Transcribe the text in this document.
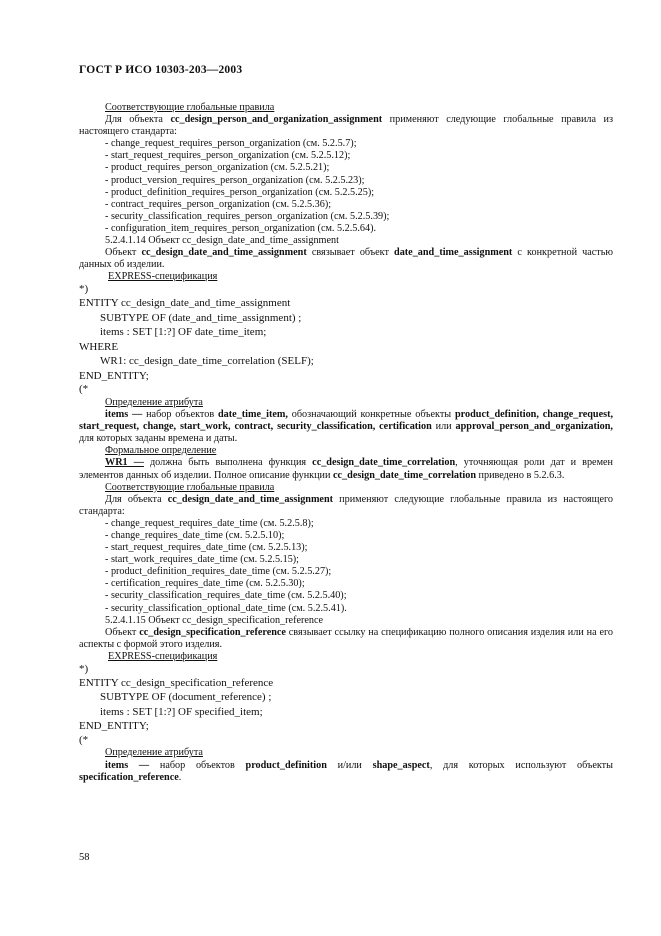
ГОСТ Р ИСО 10303-203—2003

Соответствующие глобальные правила

Для объекта cc_design_person_and_organization_assignment применяют следующие глобальные правила из настоящего стандарта:

- change_request_requires_person_organization (см. 5.2.5.7);

- start_request_requires_person_organization (см. 5.2.5.12);

- product_requires_person_organization (см. 5.2.5.21);

- product_version_requires_person_organization (см. 5.2.5.23);

- product_definition_requires_person_organization (см. 5.2.5.25);

- contract_requires_person_organization (см. 5.2.5.36);

- security_classification_requires_person_organization (см. 5.2.5.39);

- configuration_item_requires_person_organization (см. 5.2.5.64).

5.2.4.1.14 Объект cc_design_date_and_time_assignment

Объект cc_design_date_and_time_assignment связывает объект date_and_time_assignment с конкретной частью данных об изделии.

EXPRESS-спецификация

*)
ENTITY cc_design_date_and_time_assignment
SUBTYPE OF (date_and_time_assignment) ;
items : SET [1:?] OF date_time_item;
WHERE
WR1: cc_design_date_time_correlation (SELF);
END_ENTITY;
(*

Определение атрибута

items — набор объектов date_time_item, обозначающий конкретные объекты product_definition, change_request, start_request, change, start_work, contract, security_classification, certification или approval_person_and_organization, для которых заданы времена и даты.

Формальное определение

WR1 — должна быть выполнена функция cc_design_date_time_correlation, уточняющая роли дат и времен элементов данных об изделии. Полное описание функции cc_design_date_time_correlation приведено в 5.2.6.3.

Соответствующие глобальные правила

Для объекта cc_design_date_and_time_assignment применяют следующие глобальные правила из настоящего стандарта:

- change_request_requires_date_time (см. 5.2.5.8);

- change_requires_date_time (см. 5.2.5.10);

- start_request_requires_date_time (см. 5.2.5.13);

- start_work_requires_date_time (см. 5.2.5.15);

- product_definition_requires_date_time (см. 5.2.5.27);

- certification_requires_date_time (см. 5.2.5.30);

- security_classification_requires_date_time (см. 5.2.5.40);

- security_classification_optional_date_time (см. 5.2.5.41).

5.2.4.1.15 Объект cc_design_specification_reference

Объект cc_design_specification_reference связывает ссылку на спецификацию полного описания изделия или на его аспекты с формой этого изделия.

EXPRESS-спецификация

*)
ENTITY cc_design_specification_reference
SUBTYPE OF (document_reference) ;
items : SET [1:?] OF specified_item;
END_ENTITY;
(*

Определение атрибута

items — набор объектов product_definition и/или shape_aspect, для которых используют объекты specification_reference.

58
